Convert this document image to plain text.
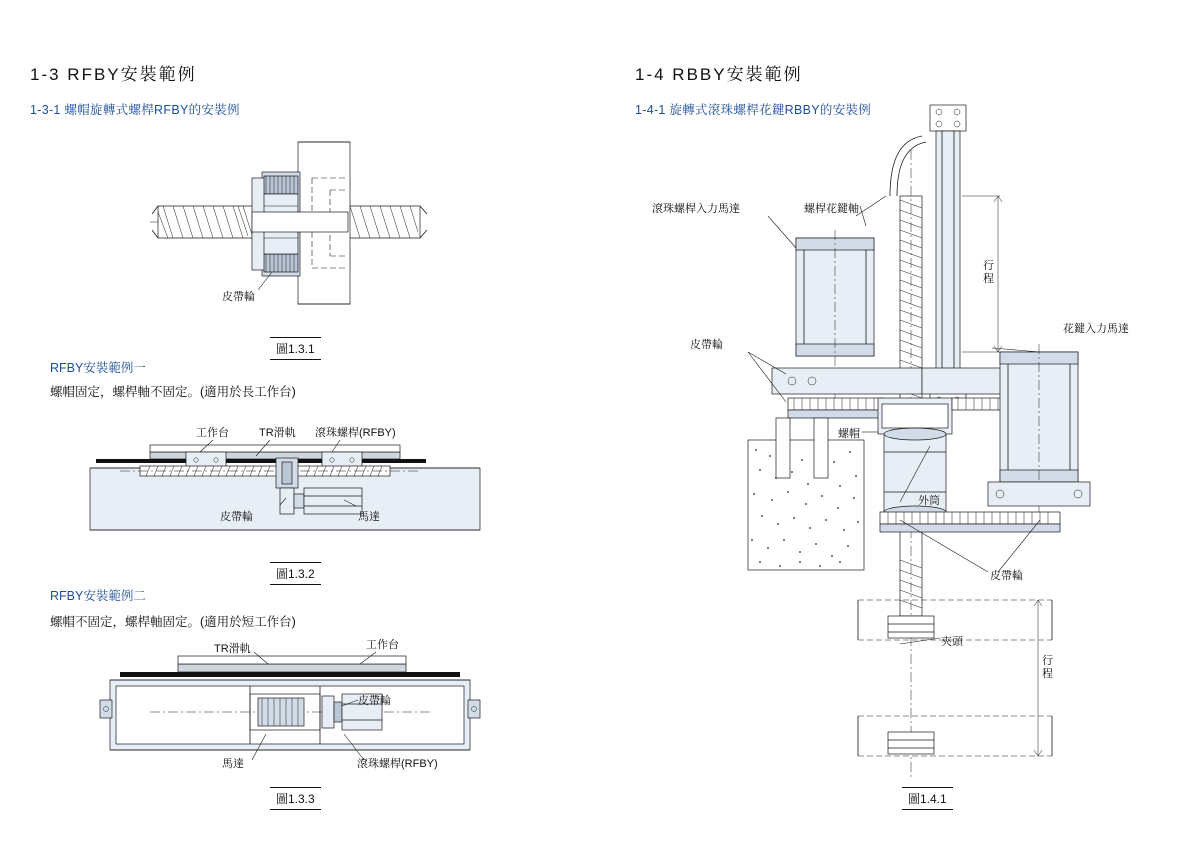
1-3 RFBY安裝範例
1-3-1 螺帽旋轉式螺桿RFBY的安裝例
皮帶輪
圖1.3.1
RFBY安裝範例一
螺帽固定，螺桿軸不固定。(適用於長工作台)
工作台	TR滑軌 滾珠螺桿(RFBY)
皮帶輪	馬達
圖1.3.2
RFBY安裝範例二
螺帽不固定，螺桿軸固定。(適用於短工作台)
TR滑軌	工作台
皮帶輪
馬達	滾珠螺桿(RFBY)
圖1.3.3
1-4 RBBY安裝範例
1-4-1 旋轉式滾珠螺桿花鍵RBBY的安裝例
滾珠螺桿入力馬達	螺桿花鍵軸
花鍵入力馬達
皮帶輪
螺帽
外筒
皮帶輪
夾頭
行程
行程
圖1.4.1
